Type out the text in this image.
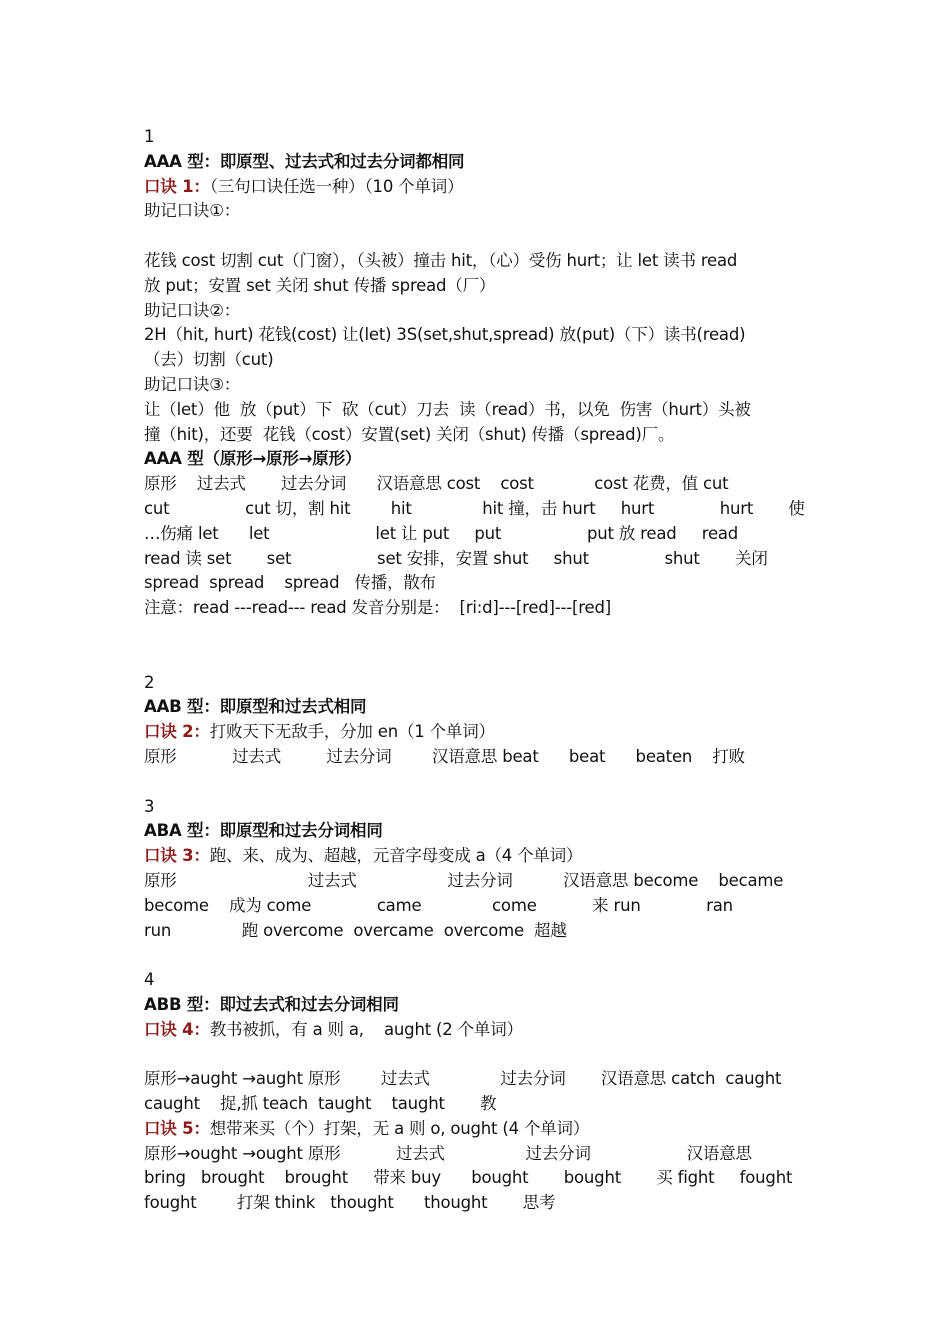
1
AAA 型：即原型、过去式和过去分词都相同
口诀 1：（三句口诀任选一种）（10 个单词）
助记口诀①：
花钱 cost 切割 cut（门窗），（头被）撞击 hit，（心）受伤 hurt；让 let 读书 read
放 put；安置 set 关闭 shut 传播 spread（厂）
助记口诀②：
2H（hit, hurt) 花钱(cost) 让(let) 3S(set,shut,spread) 放(put)（下）读书(read)
（去）切割（cut)
助记口诀③：
让（let）他  放（put）下  砍（cut）刀去  读（read）书，以免  伤害（hurt）头被
撞（hit)，还要  花钱（cost）安置(set) 关闭（shut) 传播（spread)厂。
AAA 型（原形→原形→原形）
原形    过去式       过去分词      汉语意思 cost    cost            cost 花费，值 cut
cut               cut 切，割 hit        hit              hit 撞，击 hurt     hurt             hurt       使
…伤痛 let      let                     let 让 put     put                 put 放 read     read
read 读 set       set                 set 安排，安置 shut     shut               shut       关闭
spread  spread    spread   传播，散布
注意：read ---read--- read 发音分别是：  [ri:d]---[red]---[red]
2
AAB 型：即原型和过去式相同
口诀 2：打败天下无敌手，分加 en（1 个单词）
原形           过去式         过去分词        汉语意思 beat      beat      beaten    打败
3
ABA 型：即原型和过去分词相同
口诀 3：跑、来、成为、超越，元音字母变成 a（4 个单词）
原形                          过去式                  过去分词          汉语意思 become    became
become    成为 come             came              come           来 run             ran
run              跑 overcome  overcame  overcome  超越
4
ABB 型：即过去式和过去分词相同
口诀 4：教书被抓，有 a 则 a,    aught (2 个单词）
原形→aught →aught 原形        过去式              过去分词       汉语意思 catch  caught
caught    捉,抓 teach  taught    taught       教
口诀 5：想带来买（个）打架，无 a 则 o, ought (4 个单词）
原形→ought →ought 原形           过去式                过去分词                   汉语意思
bring   brought    brought     带来 buy      bought       bought       买 fight     fought
fought        打架 think   thought      thought       思考
